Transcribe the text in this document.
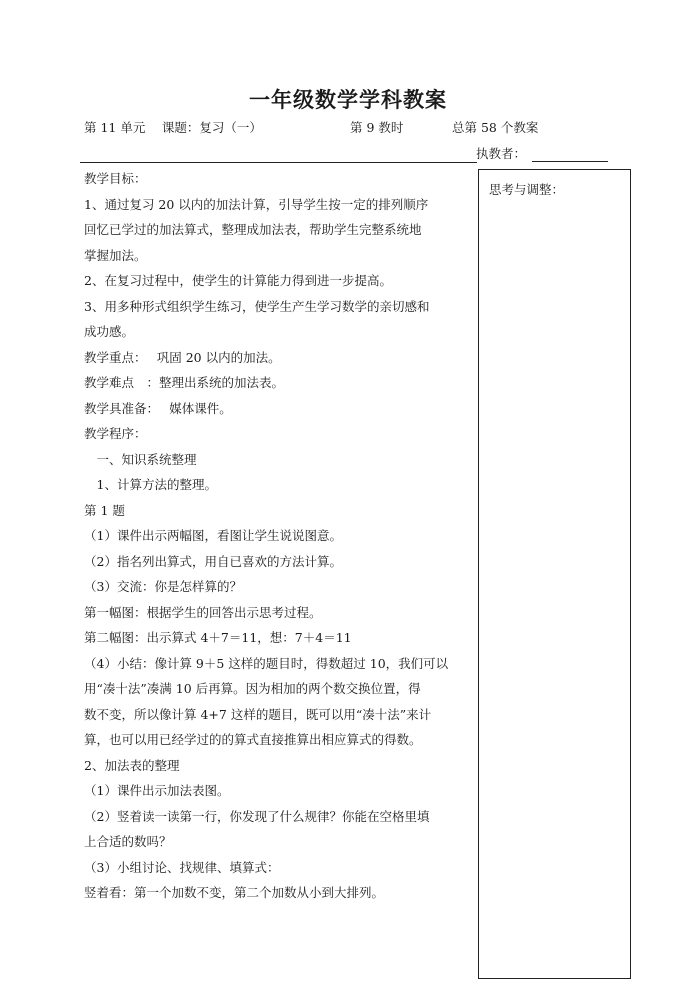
一年级数学学科教案
第 11 单元　 课题：复习（一）	第 9 教时	总第 58 个教案
执教者：
思考与调整：

教学目标：

1、通过复习 20 以内的加法计算，引导学生按一定的排列顺序

回忆已学过的加法算式，整理成加法表，帮助学生完整系统地

掌握加法。

2、在复习过程中，使学生的计算能力得到进一步提高。

3、用多种形式组织学生练习，使学生产生学习数学的亲切感和

成功感。

教学重点：　 巩固 20 以内的加法。

教学难点　：整理出系统的加法表。

教学具准备：　 媒体课件。

教学程序：

　一、知识系统整理

　1、计算方法的整理。

第 1 题

（1）课件出示两幅图，看图让学生说说图意。

（2）指名列出算式，用自已喜欢的方法计算。

（3）交流：你是怎样算的？

第一幅图：根据学生的回答出示思考过程。

第二幅图：出示算式 4＋7＝11，想：7＋4＝11

（4）小结：像计算 9＋5 这样的题目时，得数超过 10，我们可以

用“凑十法”凑满 10 后再算。因为相加的两个数交换位置，得

数不变，所以像计算 4+7 这样的题目，既可以用“凑十法”来计

算，也可以用已经学过的的算式直接推算出相应算式的得数。

2、加法表的整理

（1）课件出示加法表图。

（2）竖着读一读第一行，你发现了什么规律？你能在空格里填

上合适的数吗？

（3）小组讨论、找规律、填算式：

竖着看：第一个加数不变，第二个加数从小到大排列。
